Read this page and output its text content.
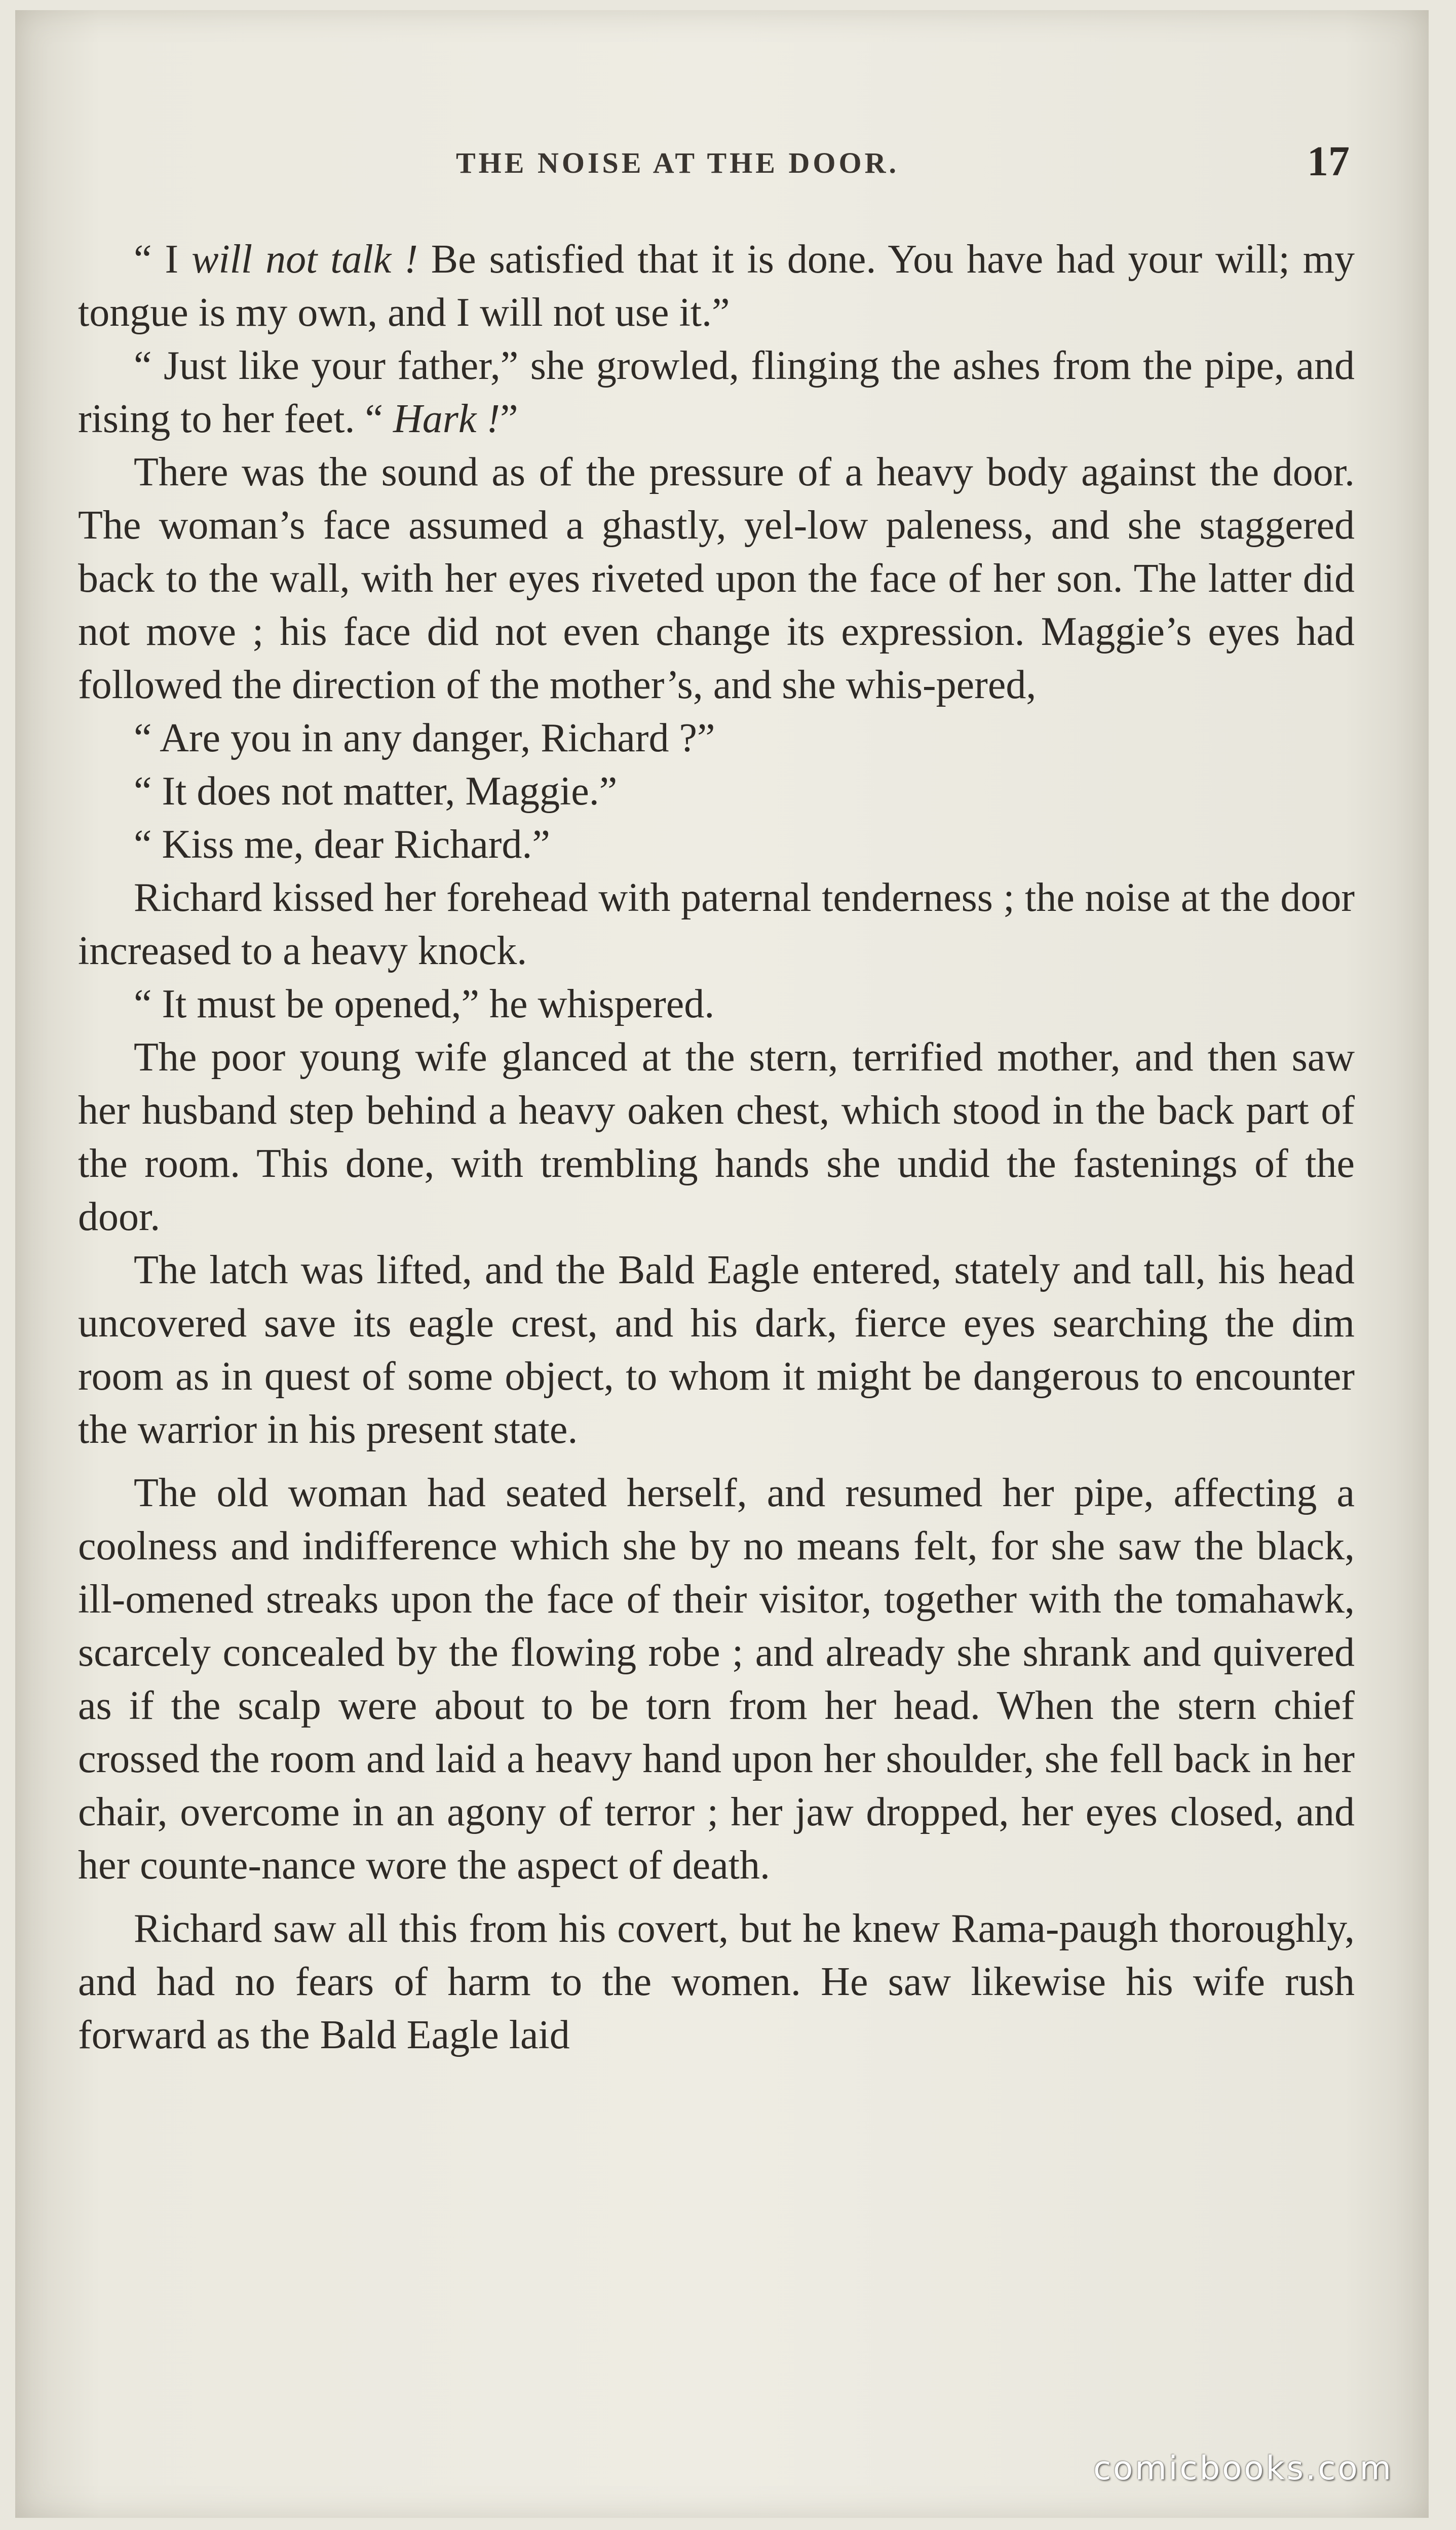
THE NOISE AT THE DOOR.	17

“ I will not talk ! Be satisfied that it is done. You have had your will; my tongue is my own, and I will not use it.”

“ Just like your father,” she growled, flinging the ashes from the pipe, and rising to her feet. “ Hark !”

There was the sound as of the pressure of a heavy body against the door. The woman’s face assumed a ghastly, yel-low paleness, and she staggered back to the wall, with her eyes riveted upon the face of her son. The latter did not move ; his face did not even change its expression. Maggie’s eyes had followed the direction of the mother’s, and she whis-pered,

“ Are you in any danger, Richard ?”

“ It does not matter, Maggie.”

“ Kiss me, dear Richard.”

Richard kissed her forehead with paternal tenderness ; the noise at the door increased to a heavy knock.

“ It must be opened,” he whispered.

The poor young wife glanced at the stern, terrified mother, and then saw her husband step behind a heavy oaken chest, which stood in the back part of the room. This done, with trembling hands she undid the fastenings of the door.

The latch was lifted, and the Bald Eagle entered, stately and tall, his head uncovered save its eagle crest, and his dark, fierce eyes searching the dim room as in quest of some object, to whom it might be dangerous to encounter the warrior in his present state.

The old woman had seated herself, and resumed her pipe, affecting a coolness and indifference which she by no means felt, for she saw the black, ill-omened streaks upon the face of their visitor, together with the tomahawk, scarcely concealed by the flowing robe ; and already she shrank and quivered as if the scalp were about to be torn from her head. When the stern chief crossed the room and laid a heavy hand upon her shoulder, she fell back in her chair, overcome in an agony of terror ; her jaw dropped, her eyes closed, and her counte-nance wore the aspect of death.

Richard saw all this from his covert, but he knew Rama-paugh thoroughly, and had no fears of harm to the women. He saw likewise his wife rush forward as the Bald Eagle laid

comicbooks.com
